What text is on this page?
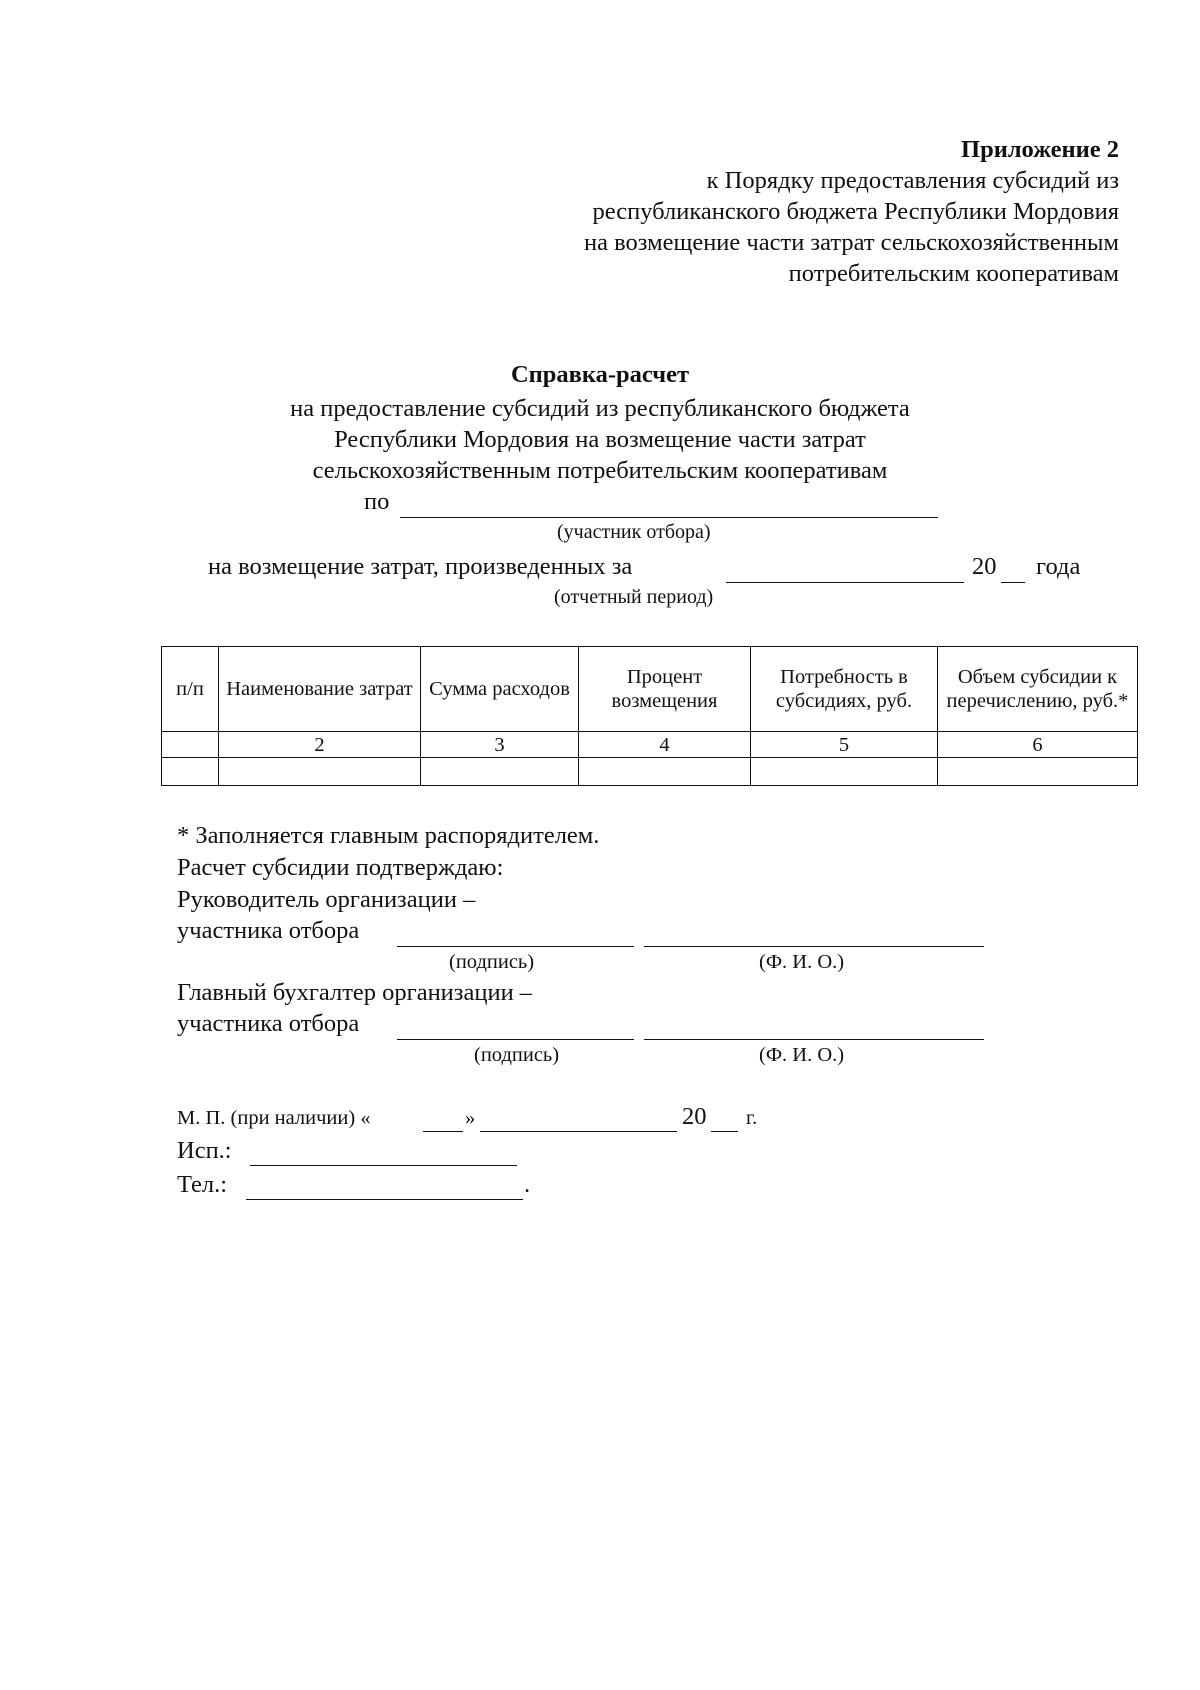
Приложение 2
к Порядку предоставления субсидий из
республиканского бюджета Республики Мордовия
на возмещение части затрат сельскохозяйственным
потребительским кооперативам
Справка-расчет
на предоставление субсидий из республиканского бюджета
Республики Мордовия на возмещение части затрат
сельскохозяйственным потребительским кооперативам
по
(участник отбора)
на возмещение затрат, произведенных за	20 года
(отчетный период)
п/п	Наименование затрат	Сумма расходов	Процент возмещения	Потребность в субсидиях, руб.	Объем субсидии к перечислению, руб.*
	2	3	4	5	6

* Заполняется главным распорядителем.
Расчет субсидии подтверждаю:
Руководитель организации –
участника отбора
(подпись)	(Ф. И. О.)
Главный бухгалтер организации –
участника отбора
(подпись)	(Ф. И. О.)
М. П. (при наличии) «	»	20 г.
Исп.:
Тел.:	.
